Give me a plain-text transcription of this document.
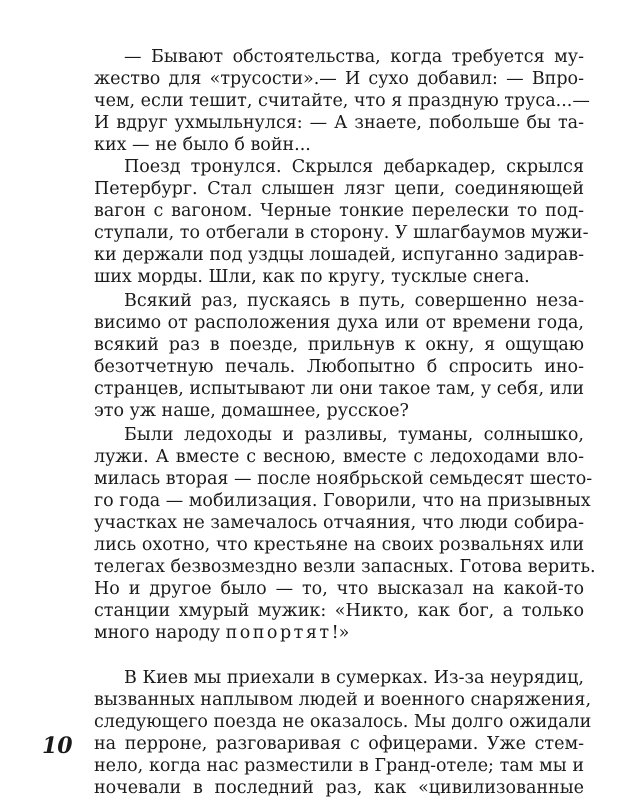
— Бывают обстоятельства, когда требуется му-
жество для «трусости».— И сухо добавил: — Впро-
чем, если тешит, считайте, что я праздную труса...—
И вдруг ухмыльнулся: — А знаете, побольше бы та-
ких — не было б войн...
Поезд тронулся. Скрылся дебаркадер, скрылся
Петербург. Стал слышен лязг цепи, соединяющей
вагон с вагоном. Черные тонкие перелески то под-
ступали, то отбегали в сторону. У шлагбаумов мужи-
ки держали под уздцы лошадей, испуганно задирав-
ших морды. Шли, как по кругу, тусклые снега.
Всякий раз, пускаясь в путь, совершенно неза-
висимо от расположения духа или от времени года,
всякий раз в поезде, прильнув к окну, я ощущаю
безотчетную печаль. Любопытно б спросить ино-
странцев, испытывают ли они такое там, у себя, или
это уж наше, домашнее, русское?
Были ледоходы и разливы, туманы, солнышко,
лужи. А вместе с весною, вместе с ледоходами вло-
милась вторая — после ноябрьской семьдесят шесто-
го года — мобилизация. Говорили, что на призывных
участках не замечалось отчаяния, что люди собира-
лись охотно, что крестьяне на своих розвальнях или
телегах безвозмездно везли запасных. Готова верить.
Но и другое было — то, что высказал на какой-то
станции хмурый мужик: «Никто, как бог, а только
много народу попортят!»
В Киев мы приехали в сумерках. Из-за неурядиц,
вызванных наплывом людей и военного снаряжения,
следующего поезда не оказалось. Мы долго ожидали
на перроне, разговаривая с офицерами. Уже стем-
нело, когда нас разместили в Гранд-отеле; там мы и
ночевали в последний раз, как «цивилизованные
10
